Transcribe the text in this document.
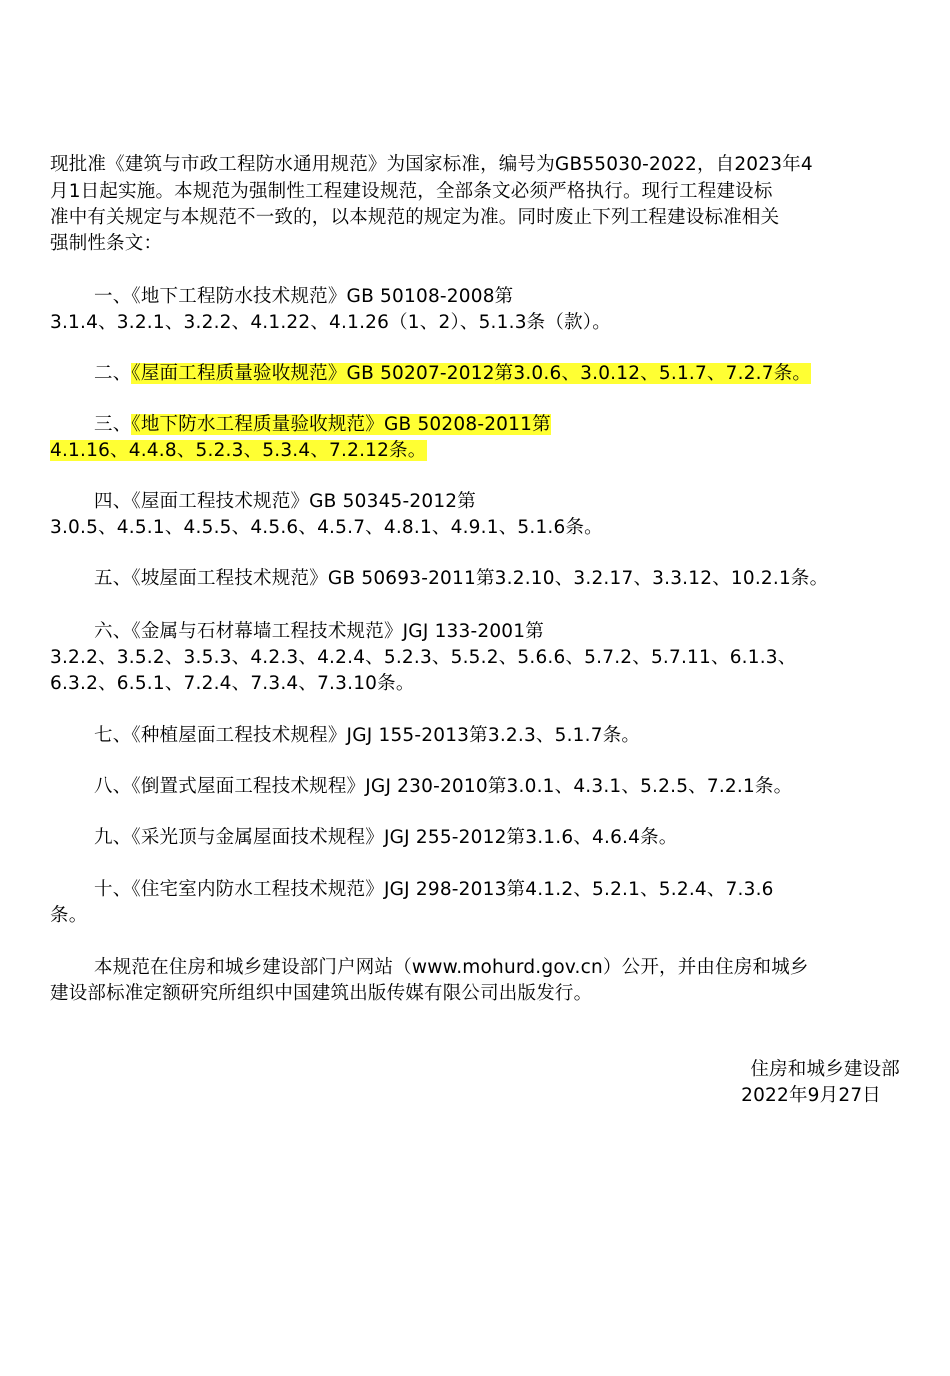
现批准《建筑与市政工程防水通用规范》为国家标准，编号为GB55030-2022，自2023年4
月1日起实施。本规范为强制性工程建设规范，全部条文必须严格执行。现行工程建设标
准中有关规定与本规范不一致的，以本规范的规定为准。同时废止下列工程建设标准相关
强制性条文：
一、《地下工程防水技术规范》GB 50108-2008第
3.1.4、3.2.1、3.2.2、4.1.22、4.1.26（1、2）、5.1.3条（款）。
二、《屋面工程质量验收规范》GB 50207-2012第3.0.6、3.0.12、5.1.7、7.2.7条。
三、《地下防水工程质量验收规范》GB 50208-2011第
4.1.16、4.4.8、5.2.3、5.3.4、7.2.12条。
四、《屋面工程技术规范》GB 50345-2012第
3.0.5、4.5.1、4.5.5、4.5.6、4.5.7、4.8.1、4.9.1、5.1.6条。
五、《坡屋面工程技术规范》GB 50693-2011第3.2.10、3.2.17、3.3.12、10.2.1条。
六、《金属与石材幕墙工程技术规范》JGJ 133-2001第
3.2.2、3.5.2、3.5.3、4.2.3、4.2.4、5.2.3、5.5.2、5.6.6、5.7.2、5.7.11、6.1.3、
6.3.2、6.5.1、7.2.4、7.3.4、7.3.10条。
七、《种植屋面工程技术规程》JGJ 155-2013第3.2.3、5.1.7条。
八、《倒置式屋面工程技术规程》JGJ 230-2010第3.0.1、4.3.1、5.2.5、7.2.1条。
九、《采光顶与金属屋面技术规程》JGJ 255-2012第3.1.6、4.6.4条。
十、《住宅室内防水工程技术规范》JGJ 298-2013第4.1.2、5.2.1、5.2.4、7.3.6
条。
本规范在住房和城乡建设部门户网站（www.mohurd.gov.cn）公开，并由住房和城乡
建设部标准定额研究所组织中国建筑出版传媒有限公司出版发行。
住房和城乡建设部
2022年9月27日
